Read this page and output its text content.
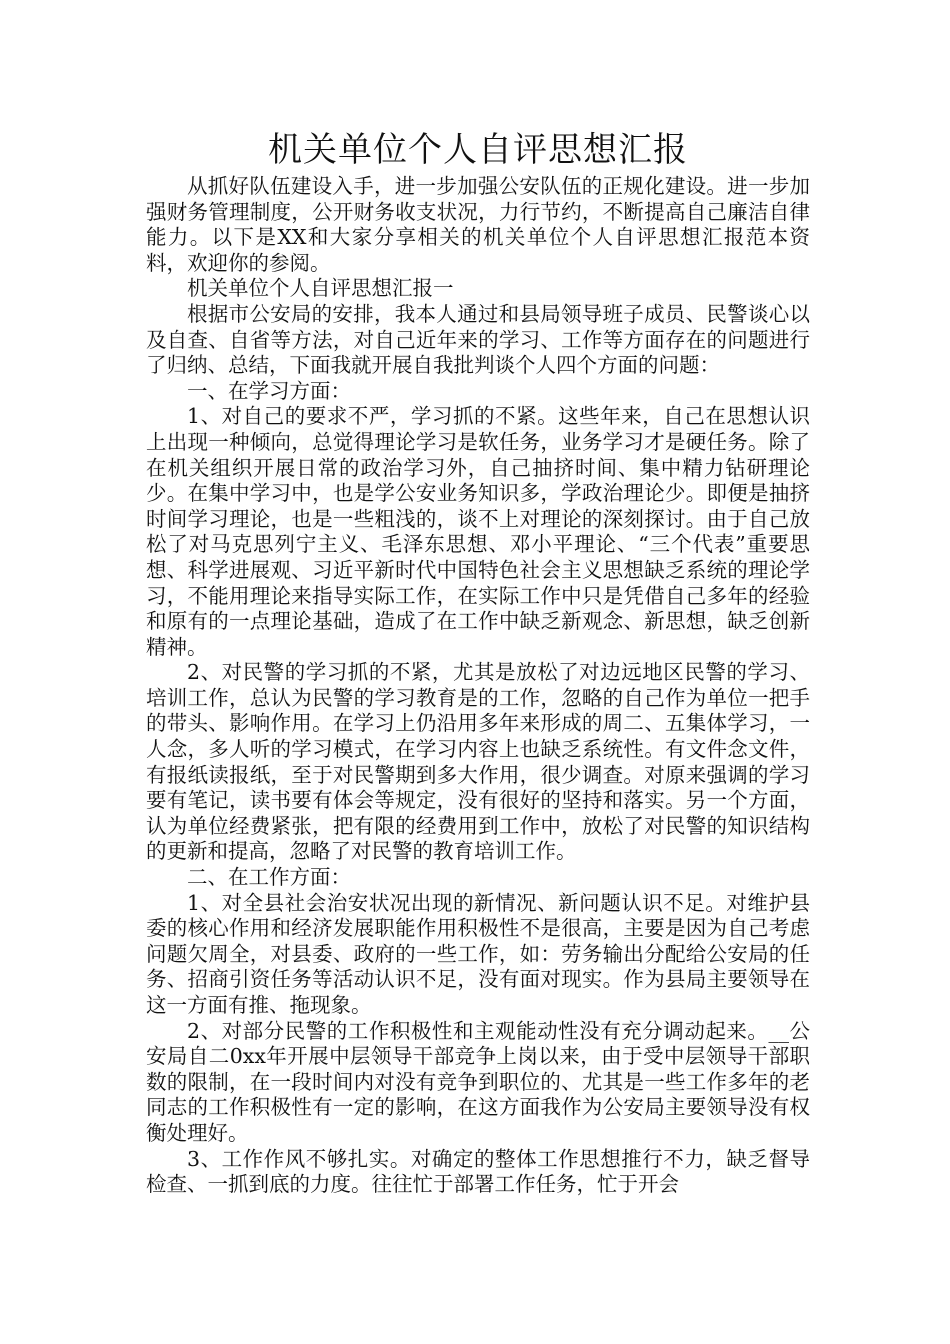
机关单位个人自评思想汇报

从抓好队伍建设入手，进一步加强公安队伍的正规化建设。进一步加强财务管理制度，公开财务收支状况，力行节约，不断提高自己廉洁自律能力。以下是XX和大家分享相关的机关单位个人自评思想汇报范本资料，欢迎你的参阅。

机关单位个人自评思想汇报一

根据市公安局的安排，我本人通过和县局领导班子成员、民警谈心以及自查、自省等方法，对自己近年来的学习、工作等方面存在的问题进行了归纳、总结，下面我就开展自我批判谈个人四个方面的问题：

一、在学习方面：

1、对自己的要求不严，学习抓的不紧。这些年来，自己在思想认识上出现一种倾向，总觉得理论学习是软任务，业务学习才是硬任务。除了在机关组织开展日常的政治学习外，自己抽挤时间、集中精力钻研理论少。在集中学习中，也是学公安业务知识多，学政治理论少。即便是抽挤时间学习理论，也是一些粗浅的，谈不上对理论的深刻探讨。由于自己放松了对马克思列宁主义、毛泽东思想、邓小平理论、“三个代表”重要思想、科学进展观、习近平新时代中国特色社会主义思想缺乏系统的理论学习，不能用理论来指导实际工作，在实际工作中只是凭借自己多年的经验和原有的一点理论基础，造成了在工作中缺乏新观念、新思想，缺乏创新精神。

2、对民警的学习抓的不紧，尤其是放松了对边远地区民警的学习、培训工作，总认为民警的学习教育是的工作，忽略的自己作为单位一把手的带头、影响作用。在学习上仍沿用多年来形成的周二、五集体学习，一人念，多人听的学习模式，在学习内容上也缺乏系统性。有文件念文件，有报纸读报纸，至于对民警期到多大作用，很少调查。对原来强调的学习要有笔记，读书要有体会等规定，没有很好的坚持和落实。另一个方面，认为单位经费紧张，把有限的经费用到工作中，放松了对民警的知识结构的更新和提高，忽略了对民警的教育培训工作。

二、在工作方面：

1、对全县社会治安状况出现的新情况、新问题认识不足。对维护县委的核心作用和经济发展职能作用积极性不是很高，主要是因为自己考虑问题欠周全，对县委、政府的一些工作，如：劳务输出分配给公安局的任务、招商引资任务等活动认识不足，没有面对现实。作为县局主要领导在这一方面有推、拖现象。

2、对部分民警的工作积极性和主观能动性没有充分调动起来。__公安局自二0xx年开展中层领导干部竞争上岗以来，由于受中层领导干部职数的限制，在一段时间内对没有竞争到职位的、尤其是一些工作多年的老同志的工作积极性有一定的影响，在这方面我作为公安局主要领导没有权衡处理好。

3、工作作风不够扎实。对确定的整体工作思想推行不力，缺乏督导检查、一抓到底的力度。往往忙于部署工作任务，忙于开会
